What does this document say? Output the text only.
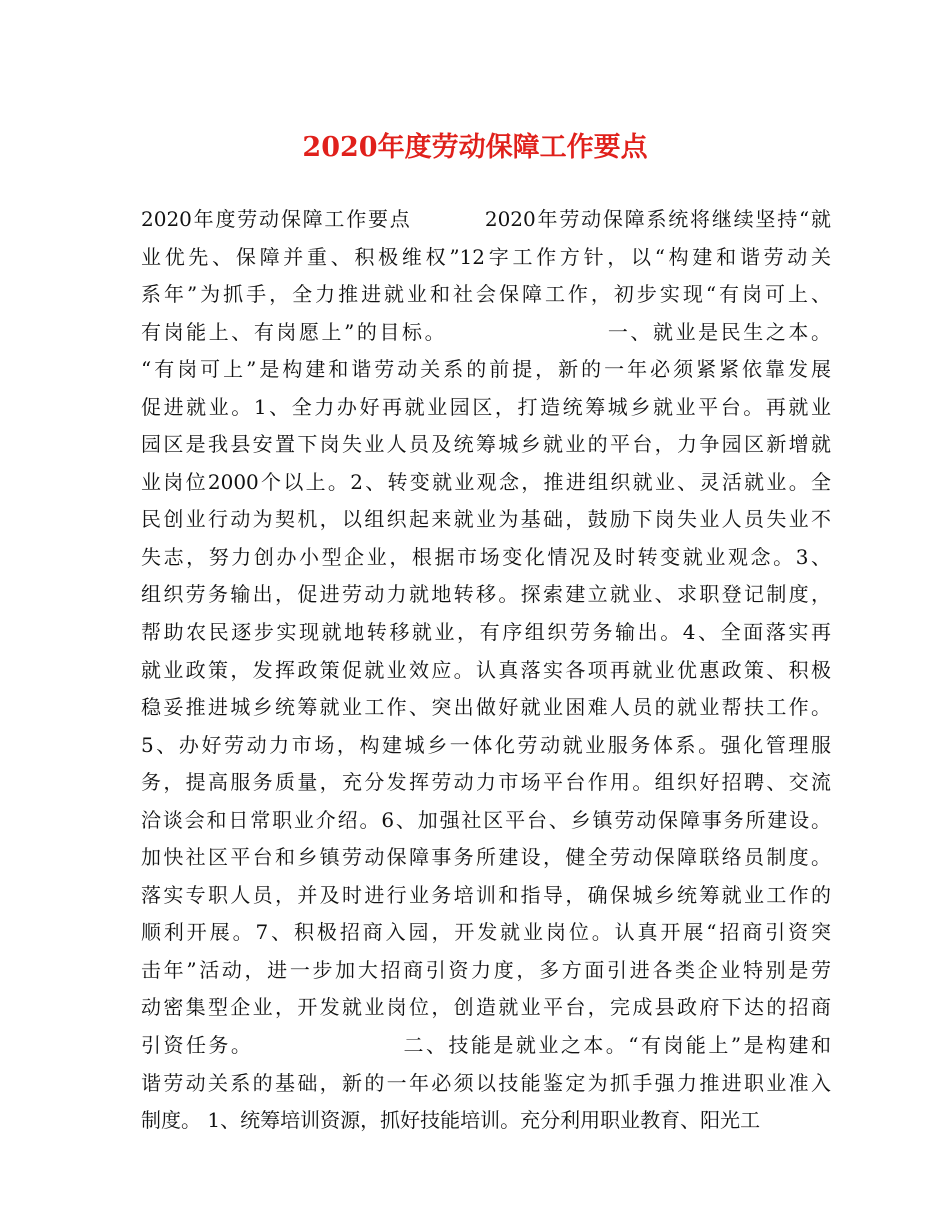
2020年度劳动保障工作要点
2020年度劳动保障工作要点         2020年劳动保障系统将继续坚持“就
业优先、保障并重、积极维权”12字工作方针，以“构建和谐劳动关
系年”为抓手，全力推进就业和社会保障工作，初步实现“有岗可上、
有岗能上、有岗愿上”的目标。                  一、就业是民生之本。
“有岗可上”是构建和谐劳动关系的前提，新的一年必须紧紧依靠发展
促进就业。1、全力办好再就业园区，打造统筹城乡就业平台。再就业
园区是我县安置下岗失业人员及统筹城乡就业的平台，力争园区新增就
业岗位2000个以上。2、转变就业观念，推进组织就业、灵活就业。全
民创业行动为契机，以组织起来就业为基础，鼓励下岗失业人员失业不
失志，努力创办小型企业，根据市场变化情况及时转变就业观念。3、
组织劳务输出，促进劳动力就地转移。探索建立就业、求职登记制度，
帮助农民逐步实现就地转移就业，有序组织劳务输出。4、全面落实再
就业政策，发挥政策促就业效应。认真落实各项再就业优惠政策、积极
稳妥推进城乡统筹就业工作、突出做好就业困难人员的就业帮扶工作。
5、办好劳动力市场，构建城乡一体化劳动就业服务体系。强化管理服
务，提高服务质量，充分发挥劳动力市场平台作用。组织好招聘、交流
洽谈会和日常职业介绍。6、加强社区平台、乡镇劳动保障事务所建设。
加快社区平台和乡镇劳动保障事务所建设，健全劳动保障联络员制度。
落实专职人员，并及时进行业务培训和指导，确保城乡统筹就业工作的
顺利开展。7、积极招商入园，开发就业岗位。认真开展“招商引资突
击年”活动，进一步加大招商引资力度，多方面引进各类企业特别是劳
动密集型企业，开发就业岗位，创造就业平台，完成县政府下达的招商
引资任务。                 二、技能是就业之本。“有岗能上”是构建和
谐劳动关系的基础，新的一年必须以技能鉴定为抓手强力推进职业准入
制度。 1、统筹培训资源，抓好技能培训。充分利用职业教育、阳光工
